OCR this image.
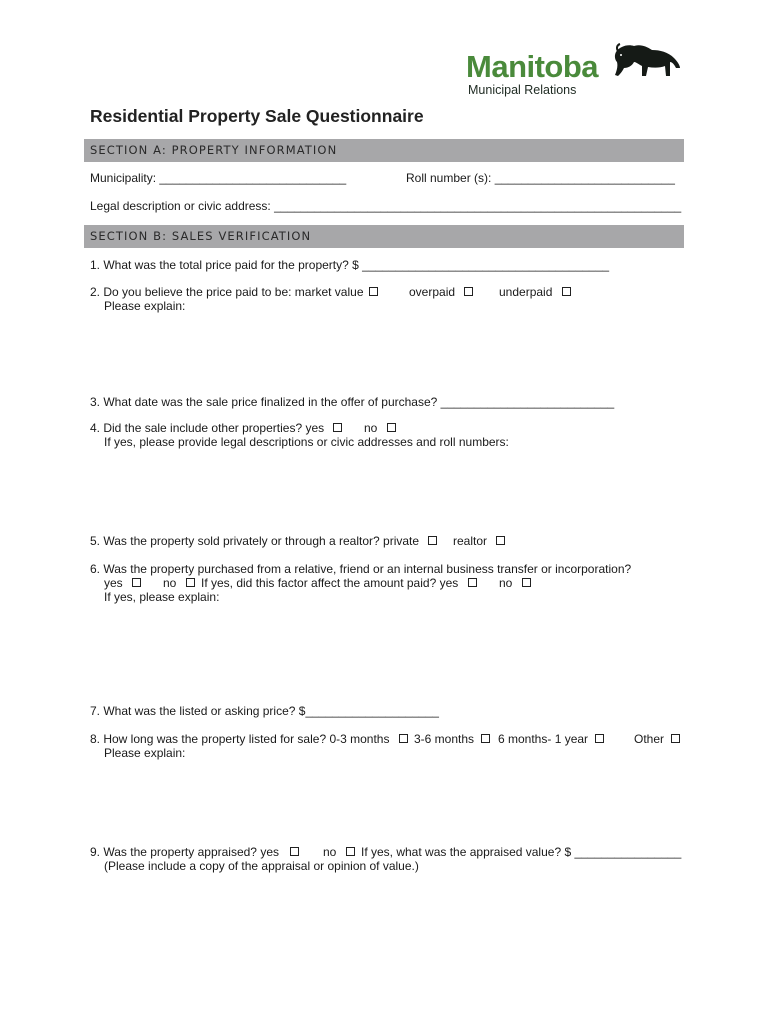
Manitoba
Municipal Relations
Residential Property Sale Questionnaire
SECTION A: PROPERTY INFORMATION
Municipality: ____________________________	Roll number (s): ___________________________
Legal description or civic address: _____________________________________________________________
SECTION B: SALES VERIFICATION
1. What was the total price paid for the property? $ _____________________________________
2. Do you believe the price paid to be: market value	overpaid	underpaid
Please explain:
3. What date was the sale price finalized in the offer of purchase? __________________________
4. Did the sale include other properties? yes	no
If yes, please provide legal descriptions or civic addresses and roll numbers:
5. Was the property sold privately or through a realtor? private	realtor
6. Was the property purchased from a relative, friend or an internal business transfer or incorporation?
yes	no	If yes, did this factor affect the amount paid? yes	no
If yes, please explain:
7. What was the listed or asking price? $____________________
8. How long was the property listed for sale? 0-3 months	3-6 months	6 months- 1 year	Other
Please explain:
9. Was the property appraised? yes	no	If yes, what was the appraised value? $ ________________
(Please include a copy of the appraisal or opinion of value.)
